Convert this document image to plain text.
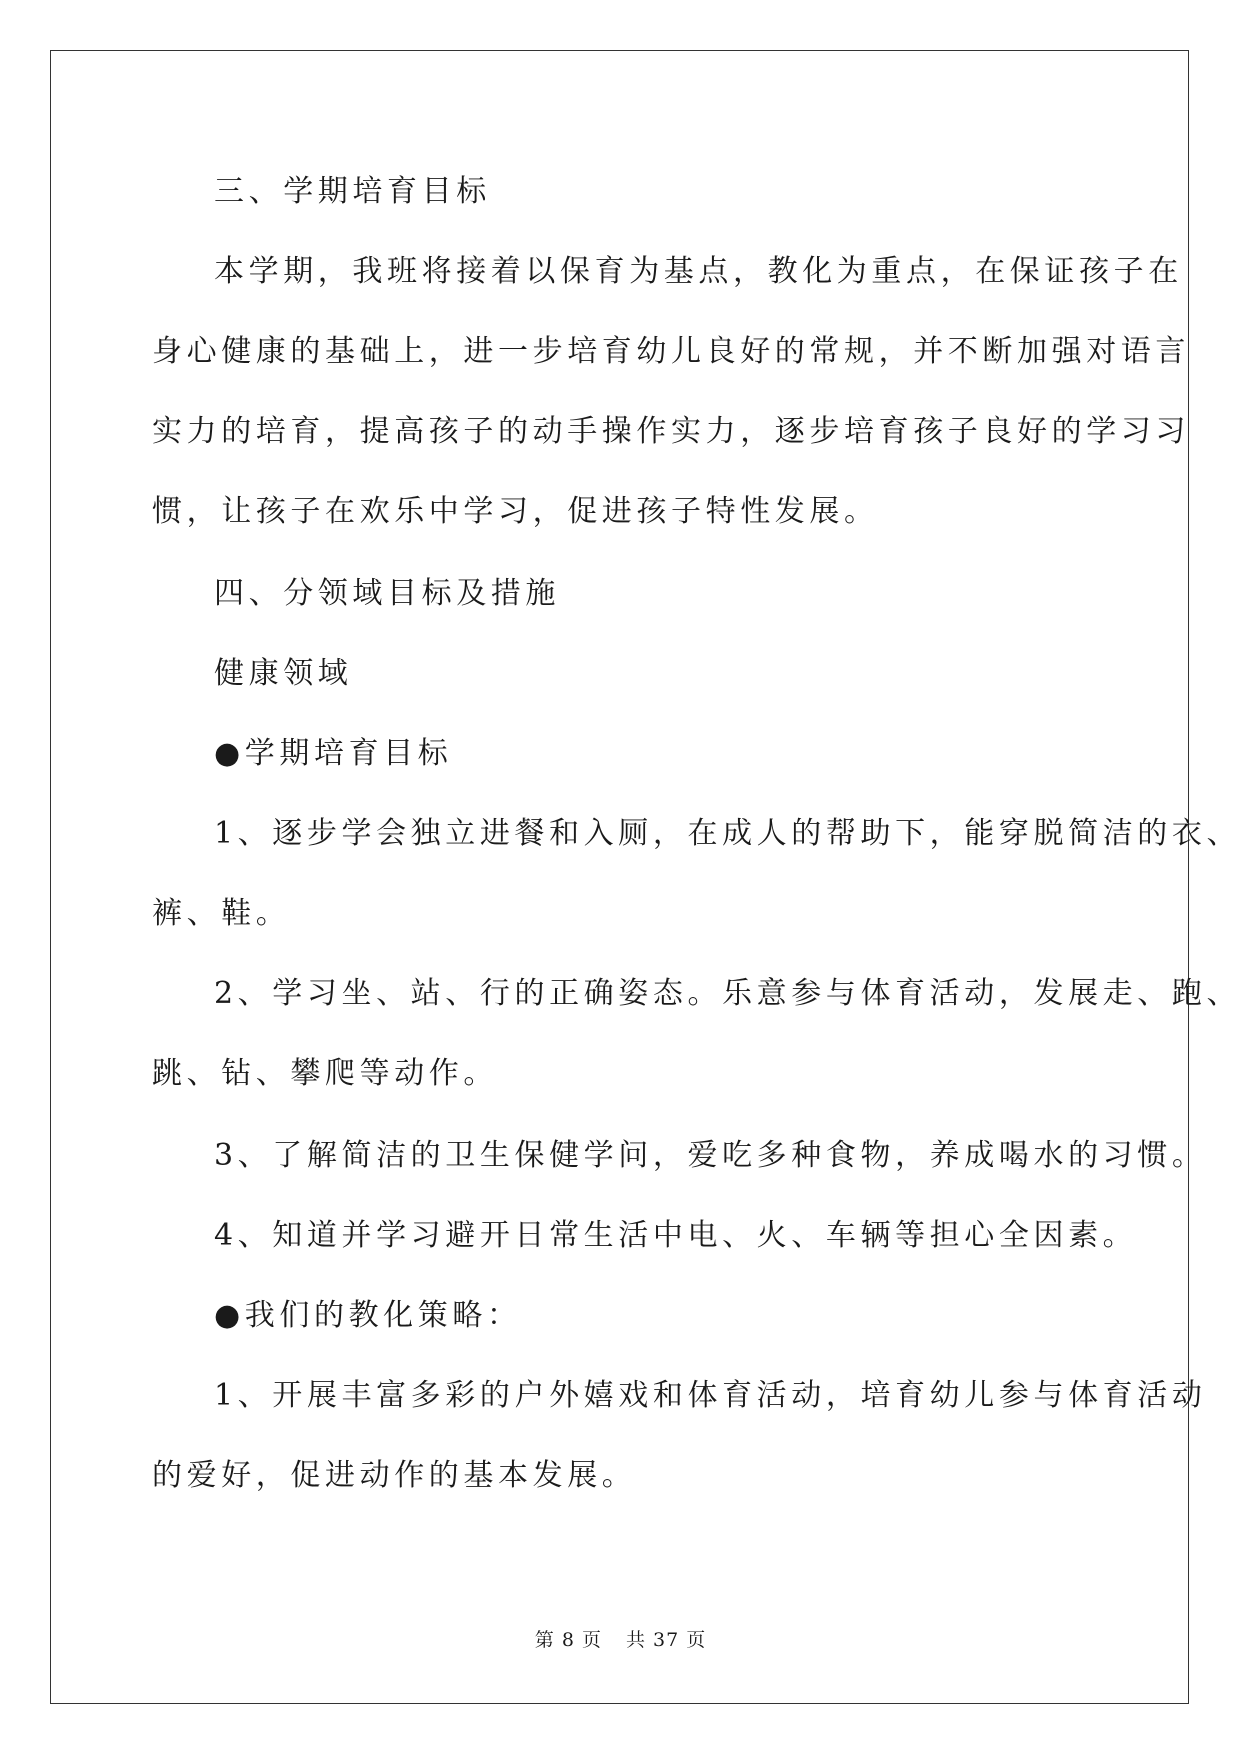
三、学期培育目标
本学期，我班将接着以保育为基点，教化为重点，在保证孩子在
身心健康的基础上，进一步培育幼儿良好的常规，并不断加强对语言
实力的培育，提高孩子的动手操作实力，逐步培育孩子良好的学习习
惯，让孩子在欢乐中学习，促进孩子特性发展。
四、分领域目标及措施
健康领域
●学期培育目标
1、逐步学会独立进餐和入厕，在成人的帮助下，能穿脱简洁的衣、
裤、鞋。
2、学习坐、站、行的正确姿态。乐意参与体育活动，发展走、跑、
跳、钻、攀爬等动作。
3、了解简洁的卫生保健学问，爱吃多种食物，养成喝水的习惯。
4、知道并学习避开日常生活中电、火、车辆等担心全因素。
●我们的教化策略：
1、开展丰富多彩的户外嬉戏和体育活动，培育幼儿参与体育活动
的爱好，促进动作的基本发展。
第 8 页 共 37 页
